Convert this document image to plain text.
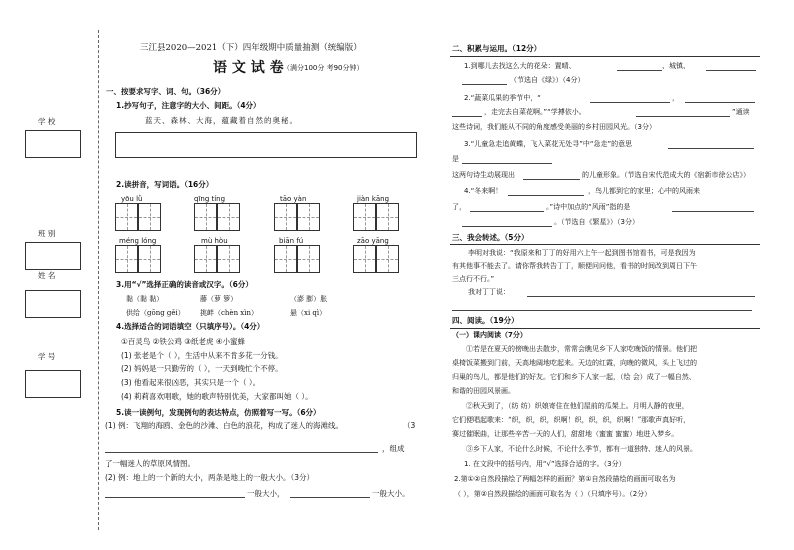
学 校
班 别
姓 名
学 号
三江县2020—2021（下）四年级期中质量抽测（统编版）
语 文 试 卷 （满分100分 考90分钟）
一、按要求写字、词、句。（36分）
1.抄写句子，注意字的大小、间距。（4分）
蓝天、森林、大海，蕴藏着自然的奥秘。
2.读拼音，写词语。（16分）
yōu lǜ	qīng tíng	tāo yàn	jiàn kāng
méng lóng	mù hòu	biān fú	zāo yāng
3.用“√”选择正确的读音或汉字。（6分）
黏（黏 黏）	藤（萝 箩）	（澎 膨）胀
供给（gōng gěi） 挑衅（chèn xìn）	悬（xi qì）
4.选择适合的词语填空（只填序号）。（4分）
①百灵鸟 ②铁公鸡 ③纸老虎 ④小蜜蜂
(1) 张老是个（ ），生活中从来不肯多花一分钱。
(2) 妈妈是一只勤劳的（ ），一天到晚忙个不停。
(3) 他看起来很凶恶，其实只是一个（ ）。
(4) 莉莉喜欢唱歌，她的歌声特别优美，大家都叫她（ ）。
5.读一读例句，发现例句的表达特点，仿照着写一写。（6分）
(1) 例：飞翔的海鸥、金色的沙滩、白色的浪花，构成了迷人的海滩线。	（3
，组成
了一幅迷人的草原风情图。
(2) 例：地上的一个新的大小，两条是地上的一般大小。（3分）
一般大小，	一般大小。
二、积累与运用。（12分）
1.到哪儿去找这么大的花朵：置晴、	、城镇、
（节选自《绿》）（4分）
2.“蔬菜瓜果的季节中，“	，
，走完去自菜花啊。”“学搏依小。	”通读
这些诗词，我们能从不同的角度感受美丽的乡村田园风光。（3分）
3.“儿童急走追黄蝶，飞入菜花无处寻”中“急走”的意思
是
这两句诗生动展现出	的儿童形象。（节选自宋代范成大的《宿新市徐公店》）
4.“冬来啊！	，鸟儿都到它的家里；心中的风雨来
了，	。”诗中加点的“风雨”指的是
。（节选自《繁星》）（3分）
三、我会转述。（5分）
李明对我说：“我原来和丁丁的好用六上午一起到图书馆看书，可是我因为
有其他事不能去了。请你帮我转告丁丁，顺便问问他，看书的时间改到周日下午
三点行不行。”
我对丁丁说：
四、阅读。（19分）
（一）课内阅读（7分）
①若是在夏天的傍晚出去散步，常常会瞧见乡下人家吃晚饭的情景。他们把
桌椅饭菜搬到门前，天高地阔地吃起来。天边的红霞，向晚的微风，头上飞过的
归巢的鸟儿，都是他们的好友。它们和乡下人家一起，（绘 会）成了一幅自然、
和谐的田园风景画。
②秋天到了，（纺 纺）织娘寄住在他们屋前的瓜架上。月明人静的夜里，
它们便唱起歌来：“织，织，织，织啊！织，织，织，织啊！”那歌声真好听，
赛过催眠曲，让那些辛苦一天的人们，甜甜地（蜜蜜 蜜蜜）地进入梦乡。
③乡下人家，不论什么时候，不论什么季节，都有一道独特、迷人的风景。
1. 在文段中的括号内，用“√”选择合适的字。（3分）
2.第①②自然段描绘了两幅怎样的画面？第①自然段描绘的画面可取名为
（ ），第②自然段描绘的画面可取名为（ ）（只填序号）。（2分）
